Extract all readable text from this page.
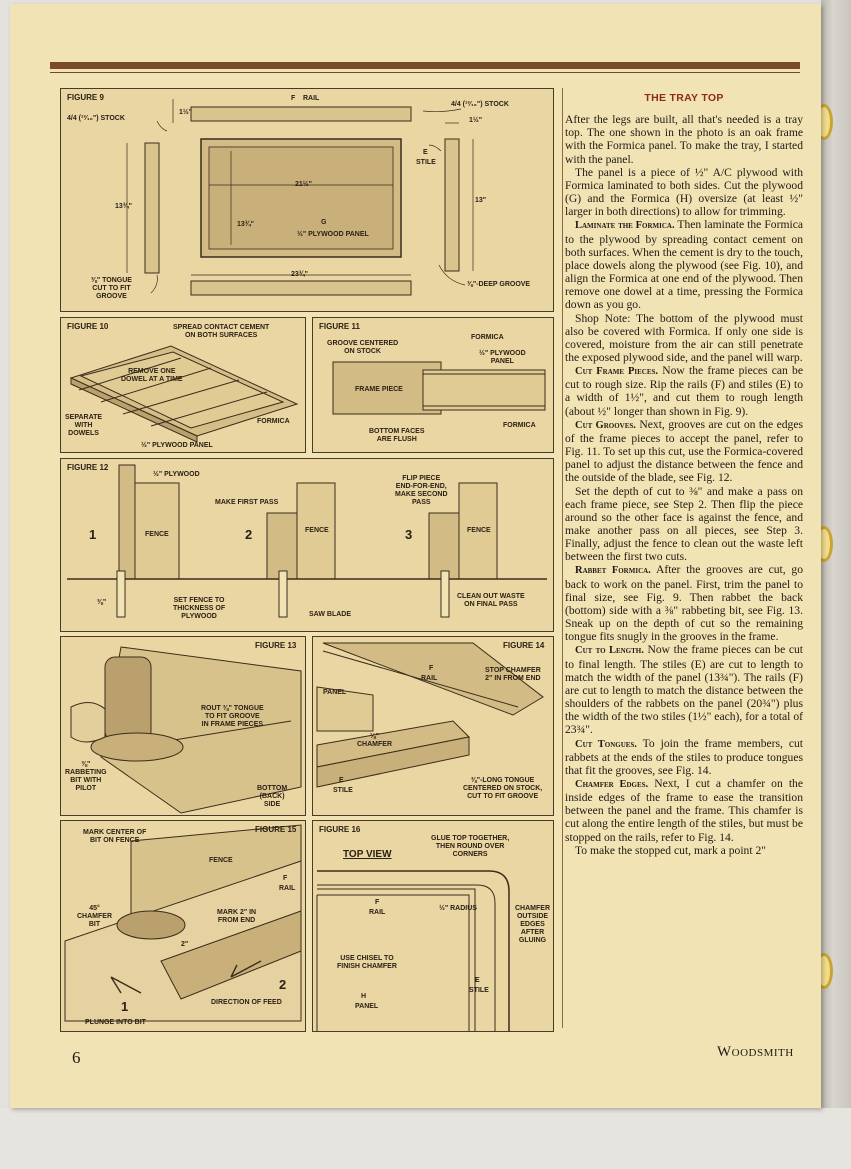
FIGURE 9	F RAIL
4/4 (¹³⁄₁₆") STOCK
4/4 (¹³⁄₁₆") STOCK
1½"
1½"
E
STILE
21½"
13¾"
13¾"
13"
G
½" PLYWOOD PANEL
23¾"
⅜" TONGUE
CUT TO FIT
GROOVE
⅜"-DEEP GROOVE
FIGURE 10	SPREAD CONTACT CEMENT
ON BOTH SURFACES
REMOVE ONE
DOWEL AT A TIME
SEPARATE
WITH
DOWELS
FORMICA
½" PLYWOOD PANEL
FIGURE 11
GROOVE CENTERED
ON STOCK
FORMICA
½" PLYWOOD
PANEL
FRAME PIECE
BOTTOM FACES
ARE FLUSH
FORMICA
FIGURE 12
½" PLYWOOD
MAKE FIRST PASS
FLIP PIECE
END-FOR-END,
MAKE SECOND
PASS
1	2	3
FENCE
FENCE	FENCE
⅜"	SET FENCE TO
THICKNESS OF
PLYWOOD	SAW BLADE
CLEAN OUT WASTE
ON FINAL PASS
FIGURE 13
ROUT ⅜" TONGUE
TO FIT GROOVE
IN FRAME PIECES
⅜"
RABBETING
BIT WITH
PILOT	BOTTOM
(BACK)
SIDE
FIGURE 14
F
RAIL
STOP CHAMFER
2" IN FROM END
PANEL
⅛"
CHAMFER
E
STILE
⅜"-LONG TONGUE
CENTERED ON STOCK,
CUT TO FIT GROOVE
FIGURE 15
MARK CENTER OF
BIT ON FENCE
FENCE
F
RAIL
45°
CHAMFER
BIT
MARK 2" IN
FROM END
2"
1
2
PLUNGE INTO BIT
DIRECTION OF FEED
FIGURE 16
TOP VIEW
GLUE TOP TOGETHER,
THEN ROUND OVER
CORNERS
F
RAIL
½" RADIUS	CHAMFER
OUTSIDE
EDGES
AFTER
GLUING
USE CHISEL TO
FINISH CHAMFER
E
STILE
H
PANEL
THE TRAY TOP

After the legs are built, all that's needed is a tray top. The one shown in the photo is an oak frame with the Formica panel. To make the tray, I started with the panel.

The panel is a piece of ½" A/C plywood with Formica laminated to both sides. Cut the plywood (G) and the Formica (H) oversize (at least ½" larger in both directions) to allow for trimming.

Laminate the Formica. Then laminate the Formica to the plywood by spreading contact cement on both surfaces. When the cement is dry to the touch, place dowels along the plywood (see Fig. 10), and align the Formica at one end of the plywood. Then remove one dowel at a time, pressing the Formica down as you go.

Shop Note: The bottom of the plywood must also be covered with Formica. If only one side is covered, moisture from the air can still penetrate the exposed plywood side, and the panel will warp.

Cut Frame Pieces. Now the frame pieces can be cut to rough size. Rip the rails (F) and stiles (E) to a width of 1½", and cut them to rough length (about ½" longer than shown in Fig. 9).

Cut Grooves. Next, grooves are cut on the edges of the frame pieces to accept the panel, refer to Fig. 11. To set up this cut, use the Formica-covered panel to adjust the distance between the fence and the outside of the blade, see Fig. 12.

Set the depth of cut to ⅜" and make a pass on each frame piece, see Step 2. Then flip the piece around so the other face is against the fence, and make another pass on all pieces, see Step 3. Finally, adjust the fence to clean out the waste left between the first two cuts.

Rabbet Formica. After the grooves are cut, go back to work on the panel. First, trim the panel to final size, see Fig. 9. Then rabbet the back (bottom) side with a ⅜" rabbeting bit, see Fig. 13. Sneak up on the depth of cut so the remaining tongue fits snugly in the grooves in the frame.

Cut to Length. Now the frame pieces can be cut to final length. The stiles (E) are cut to length to match the width of the panel (13¾"). The rails (F) are cut to length to match the distance between the shoulders of the rabbets on the panel (20¾") plus the width of the two stiles (1½" each), for a total of 23¾".

Cut Tongues. To join the frame members, cut rabbets at the ends of the stiles to produce tongues that fit the grooves, see Fig. 14.

Chamfer Edges. Next, I cut a chamfer on the inside edges of the frame to ease the transition between the panel and the frame. This chamfer is cut along the entire length of the stiles, but must be stopped on the rails, refer to Fig. 14.

To make the stopped cut, mark a point 2"

6	Woodsmith
